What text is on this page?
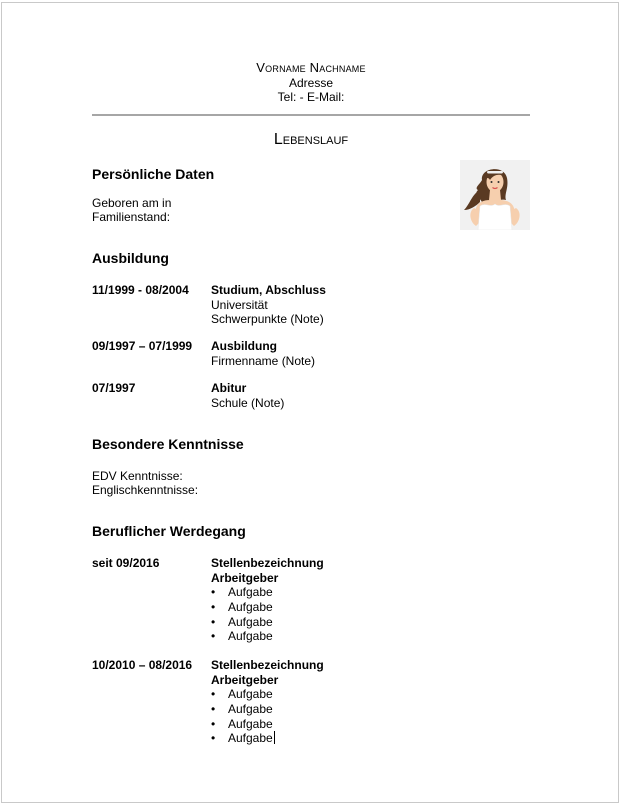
Vorname Nachname
Adresse
Tel: - E-Mail:
Lebenslauf
Persönliche Daten
Geboren am in
Familienstand:
Ausbildung
11/1999 - 08/2004 Studium, Abschluss
Universität
Schwerpunkte (Note)
09/1997 – 07/1999 Ausbildung
Firmenname (Note)
07/1997	Abitur
Schule (Note)
Besondere Kenntnisse
EDV Kenntnisse:
Englischkenntnisse:
Beruflicher Werdegang
seit 09/2016	Stellenbezeichnung
Arbeitgeber
• Aufgabe
• Aufgabe
• Aufgabe
• Aufgabe
10/2010 – 08/2016 Stellenbezeichnung
Arbeitgeber
• Aufgabe
• Aufgabe
• Aufgabe
• Aufgabe
